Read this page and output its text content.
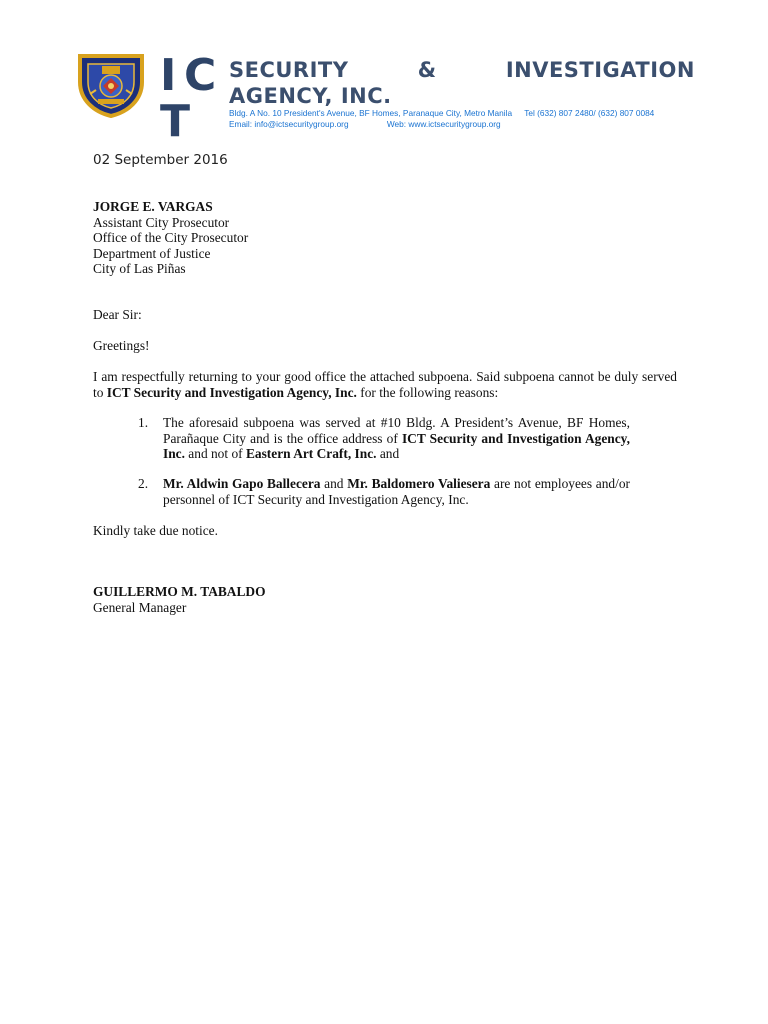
I C
T
SECURITY	&	INVESTIGATION
AGENCY, INC.
Bldg. A No. 10 President's Avenue, BF Homes, Paranaque City, Metro Manila Tel (632) 807 2480/ (632) 807 0084
Email: info@ictsecuritygroup.org	Web: www.ictsecuritygroup.org
02 September 2016
JORGE E. VARGAS
Assistant City Prosecutor
Office of the City Prosecutor
Department of Justice
City of Las Piñas
Dear Sir:
Greetings!
I am respectfully returning to your good office the attached subpoena. Said subpoena cannot be duly served to ICT Security and Investigation Agency, Inc. for the following reasons:
1.	The aforesaid subpoena was served at #10 Bldg. A President’s Avenue, BF Homes, Parañaque City and is the office address of ICT Security and Investigation Agency, Inc. and not of Eastern Art Craft, Inc. and
2.	Mr. Aldwin Gapo Ballecera and Mr. Baldomero Valiesera are not employees and/or personnel of ICT Security and Investigation Agency, Inc.
Kindly take due notice.
GUILLERMO M. TABALDO
General Manager
